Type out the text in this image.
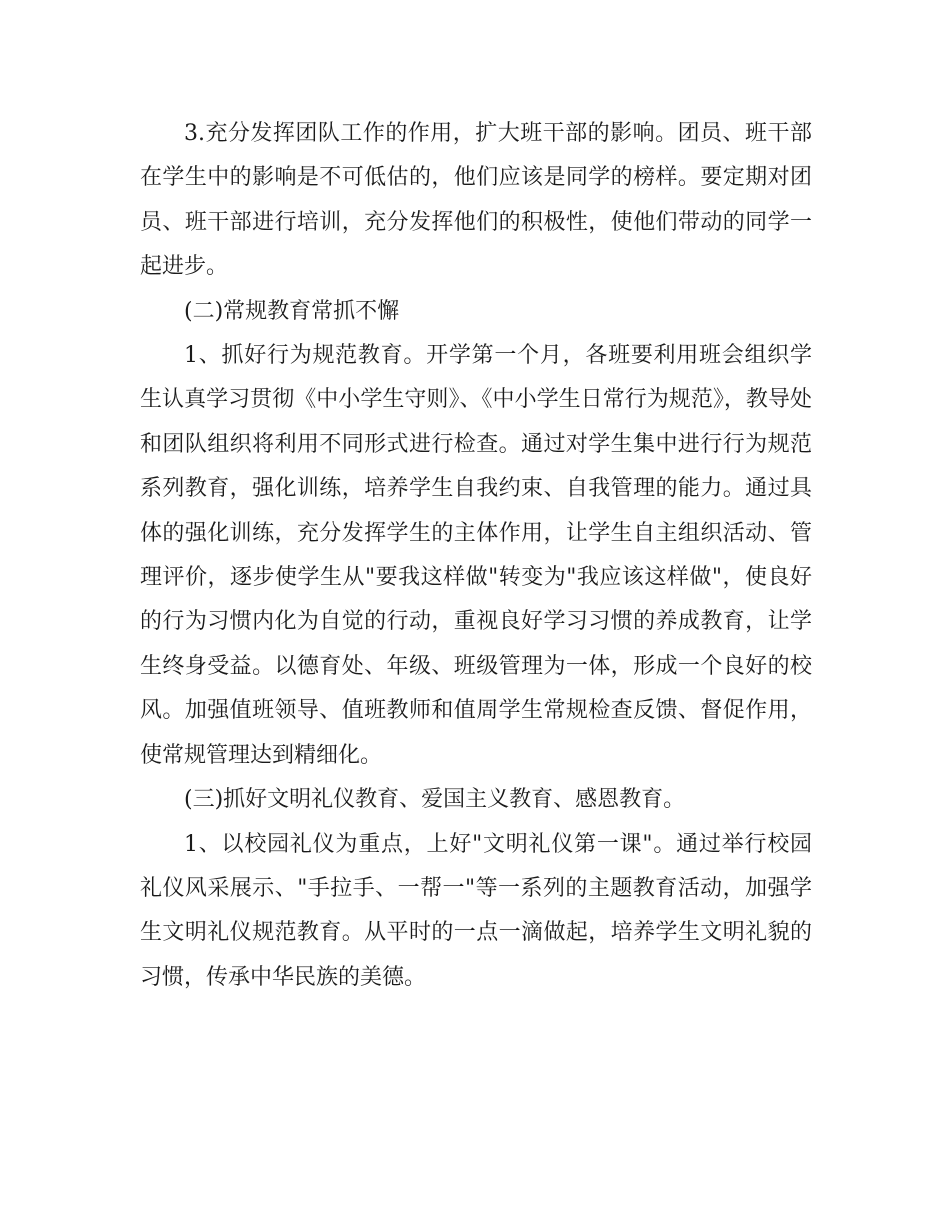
3.充分发挥团队工作的作用，扩大班干部的影响。团员、班干部在学生中的影响是不可低估的，他们应该是同学的榜样。要定期对团员、班干部进行培训，充分发挥他们的积极性，使他们带动的同学一起进步。

(二)常规教育常抓不懈

1、抓好行为规范教育。开学第一个月，各班要利用班会组织学生认真学习贯彻《中小学生守则》、《中小学生日常行为规范》，教导处和团队组织将利用不同形式进行检查。通过对学生集中进行行为规范系列教育，强化训练，培养学生自我约束、自我管理的能力。通过具体的强化训练，充分发挥学生的主体作用，让学生自主组织活动、管理评价，逐步使学生从"要我这样做"转变为"我应该这样做"，使良好的行为习惯内化为自觉的行动，重视良好学习习惯的养成教育，让学生终身受益。以德育处、年级、班级管理为一体，形成一个良好的校风。加强值班领导、值班教师和值周学生常规检查反馈、督促作用，使常规管理达到精细化。

(三)抓好文明礼仪教育、爱国主义教育、感恩教育。

1、以校园礼仪为重点，上好"文明礼仪第一课"。通过举行校园礼仪风采展示、"手拉手、一帮一"等一系列的主题教育活动，加强学生文明礼仪规范教育。从平时的一点一滴做起，培养学生文明礼貌的习惯，传承中华民族的美德。
